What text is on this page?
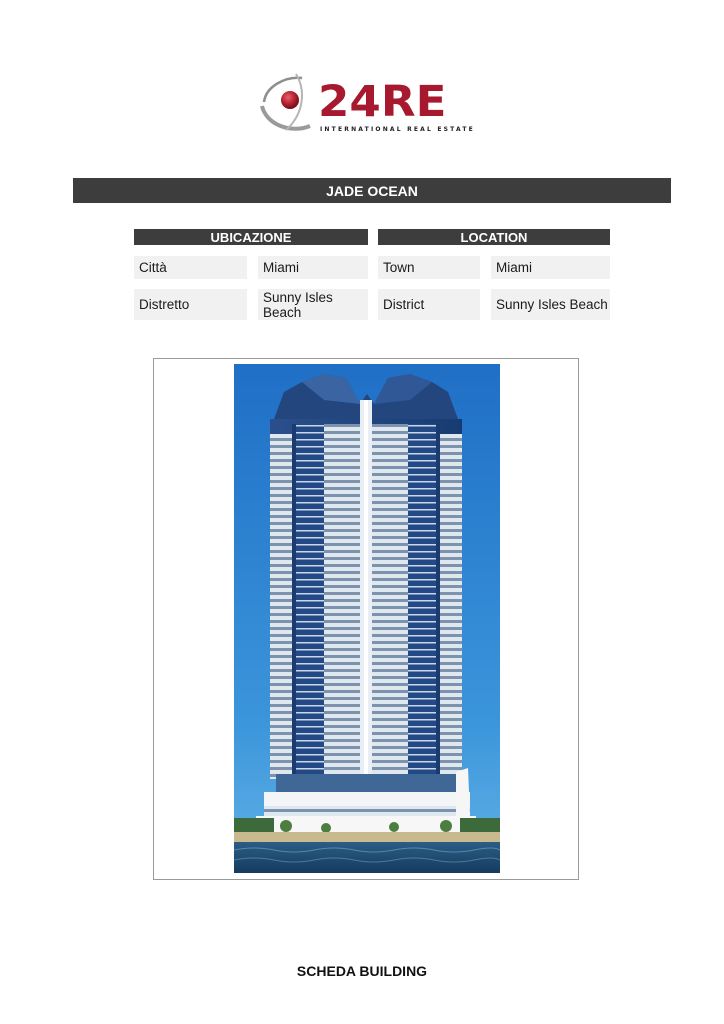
24RE
INTERNATIONAL REAL ESTATE
JADE OCEAN
UBICAZIONE	LOCATION
Città	Miami	Town	Miami
Distretto	Sunny Isles Beach	District	Sunny Isles Beach
SCHEDA BUILDING
